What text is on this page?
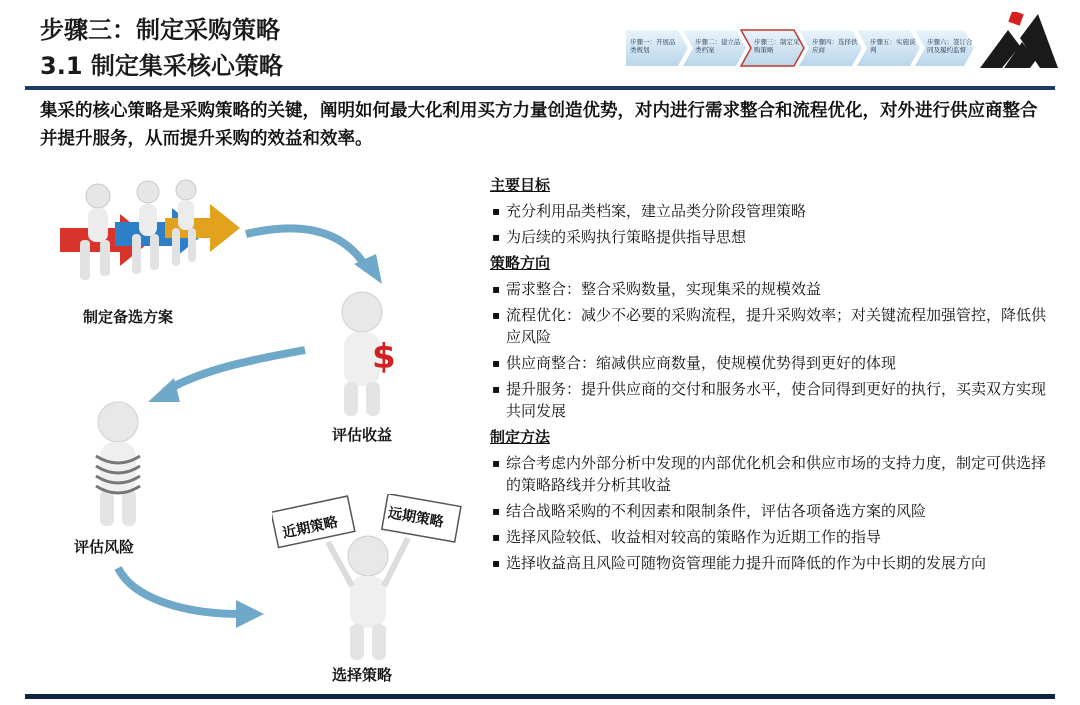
步骤三：制定采购策略
3.1 制定集采核心策略
步骤一：开展品类规划
步骤二：建立品类档案
步骤三：制定采购策略
步骤四：选择供应商
步骤五：实施谈判
步骤六：签订合同及履约监督
集采的核心策略是采购策略的关键，阐明如何最大化利用买方力量创造优势，对内进行需求整合和流程优化，对外进行供应商整合并提升服务，从而提升采购的效益和效率。
制定备选方案
$
评估收益
评估风险
近期策略	远期策略
选择策略
主要目标
▪ 充分利用品类档案，建立品类分阶段管理策略
▪ 为后续的采购执行策略提供指导思想
策略方向
▪ 需求整合：整合采购数量，实现集采的规模效益
▪ 流程优化：减少不必要的采购流程，提升采购效率；对关键流程加强管控，降低供应风险
▪ 供应商整合：缩减供应商数量，使规模优势得到更好的体现
▪ 提升服务：提升供应商的交付和服务水平，使合同得到更好的执行，买卖双方实现共同发展
制定方法
▪ 综合考虑内外部分析中发现的内部优化机会和供应市场的支持力度，制定可供选择的策略路线并分析其收益
▪ 结合战略采购的不利因素和限制条件，评估各项备选方案的风险
▪ 选择风险较低、收益相对较高的策略作为近期工作的指导
▪ 选择收益高且风险可随物资管理能力提升而降低的作为中长期的发展方向
